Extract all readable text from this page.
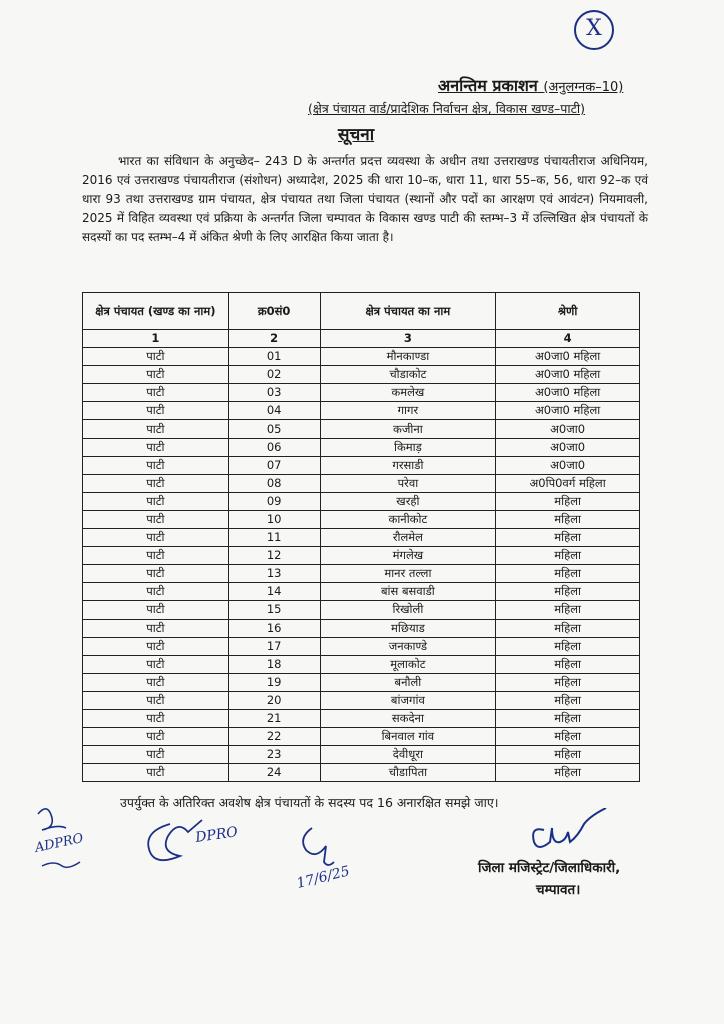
X
अनन्तिम प्रकाशन (अनुलग्नक–10)
(क्षेत्र पंचायत वार्ड/प्रादेशिक निर्वाचन क्षेत्र, विकास खण्ड–पाटी)
सूचना
भारत का संविधान के अनुच्छेद– 243 D के अन्तर्गत प्रदत्त व्यवस्था के अधीन तथा उत्तराखण्ड पंचायतीराज अधिनियम, 2016 एवं उत्तराखण्ड पंचायतीराज (संशोधन) अध्यादेश, 2025 की धारा 10–क, धारा 11, धारा 55–क, 56, धारा 92–क एवं धारा 93 तथा उत्तराखण्ड ग्राम पंचायत, क्षेत्र पंचायत तथा जिला पंचायत (स्थानों और पदों का आरक्षण एवं आवंटन) नियमावली, 2025 में विहित व्यवस्था एवं प्रक्रिया के अन्तर्गत जिला चम्पावत के विकास खण्ड पाटी की स्तम्भ–3 में उल्लिखित क्षेत्र पंचायतों के सदस्यों का पद स्तम्भ–4 में अंकित श्रेणी के लिए आरक्षित किया जाता है।
क्षेत्र पंचायत (खण्ड का नाम)	क्र0सं0	क्षेत्र पंचायत का नाम	श्रेणी
1	2	3	4
पाटी	01	मौनकाण्डा	अ0जा0 महिला
पाटी	02	चौडाकोट	अ0जा0 महिला
पाटी	03	कमलेख	अ0जा0 महिला
पाटी	04	गागर	अ0जा0 महिला
पाटी	05	कजीना	अ0जा0
पाटी	06	किमाड़	अ0जा0
पाटी	07	गरसाडी	अ0जा0
पाटी	08	परेवा	अ0पि0वर्ग महिला
पाटी	09	खरही	महिला
पाटी	10	कानीकोट	महिला
पाटी	11	रौलमेल	महिला
पाटी	12	मंगलेख	महिला
पाटी	13	मानर तल्ला	महिला
पाटी	14	बांस बसवाडी	महिला
पाटी	15	रिखोली	महिला
पाटी	16	मछियाड	महिला
पाटी	17	जनकाण्डे	महिला
पाटी	18	मूलाकोट	महिला
पाटी	19	बनौली	महिला
पाटी	20	बांजगांव	महिला
पाटी	21	सकदेना	महिला
पाटी	22	बिनवाल गांव	महिला
पाटी	23	देवीधूरा	महिला
पाटी	24	चौडापिता	महिला
उपर्युक्त के अतिरिक्त अवशेष क्षेत्र पंचायतों के सदस्य पद 16 अनारक्षित समझे जाए।
ADPRO	DPRO
17/6/25	जिला मजिस्ट्रेट/जिलाधिकारी,
चम्पावत।
